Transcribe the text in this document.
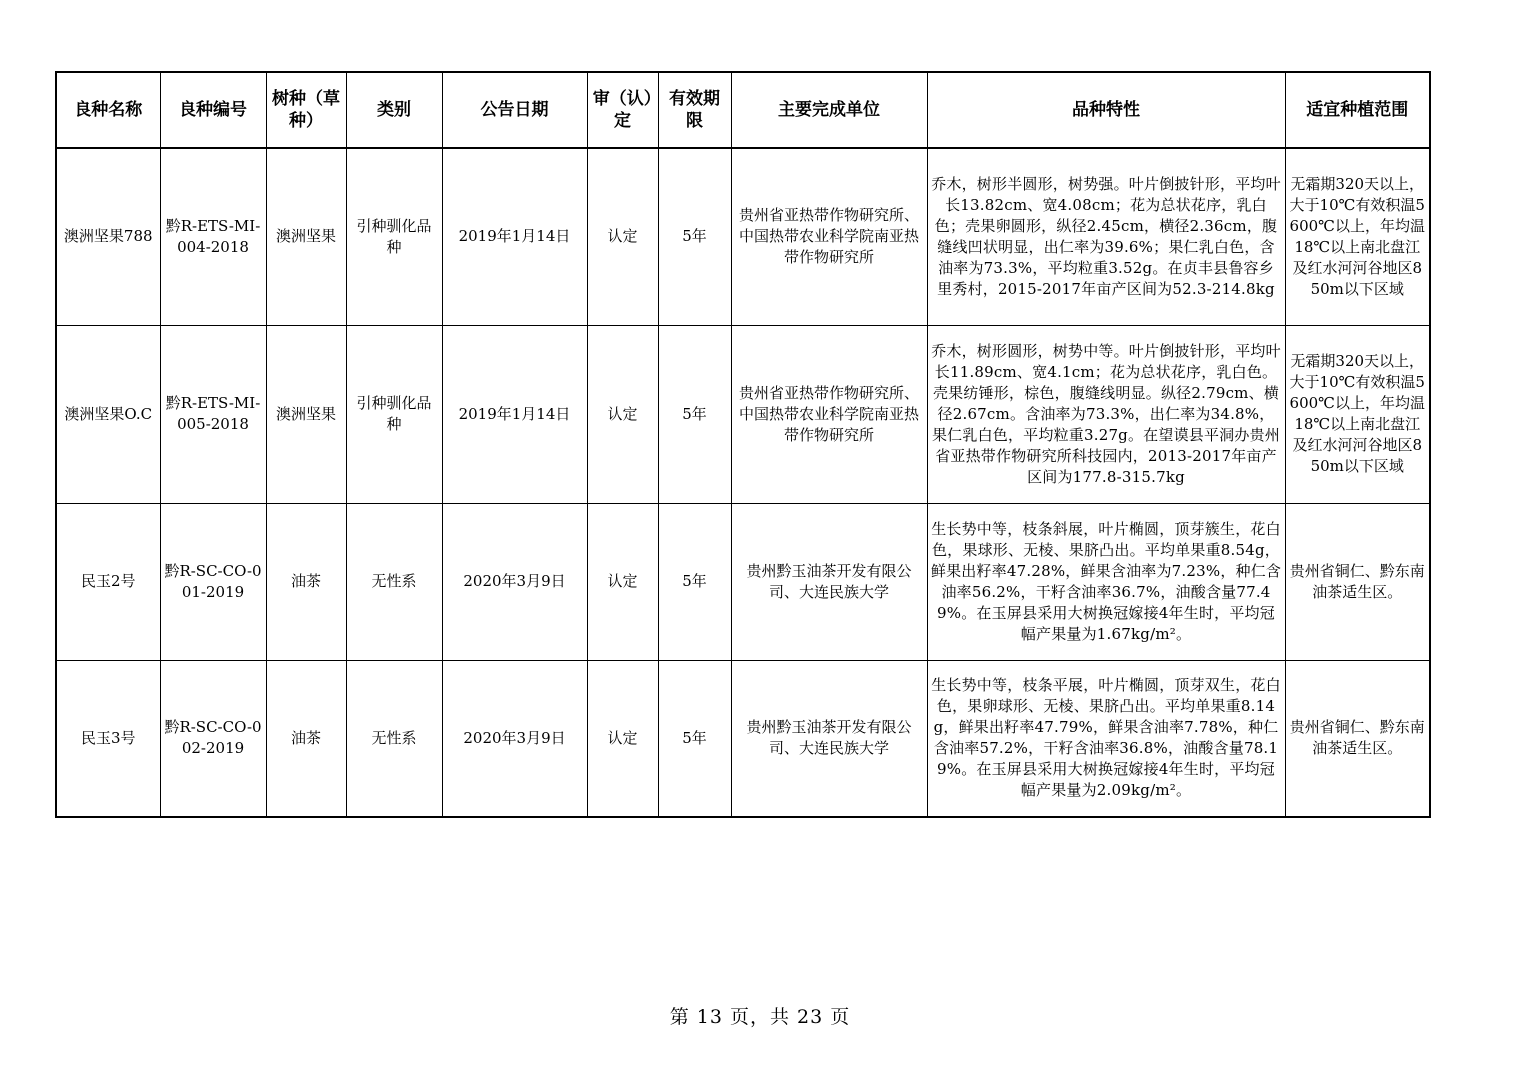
良种名称	良种编号	树种（草种）	类别	公告日期	审（认）定	有效期限	主要完成单位	品种特性	适宜种植范围
澳洲坚果788	黔R-ETS-MI-004-2018	澳洲坚果	引种驯化品种	2019年1月14日	认定	5年	贵州省亚热带作物研究所、中国热带农业科学院南亚热带作物研究所	乔木，树形半圆形，树势强。叶片倒披针形，平均叶长13.82cm、宽4.08cm；花为总状花序，乳白色；壳果卵圆形，纵径2.45cm，横径2.36cm，腹缝线凹状明显，出仁率为39.6%；果仁乳白色，含油率为73.3%，平均粒重3.52g。在贞丰县鲁容乡里秀村，2015-2017年亩产区间为52.3-214.8kg	无霜期320天以上，大于10℃有效积温5600℃以上，年均温18℃以上南北盘江及红水河河谷地区850m以下区域
澳洲坚果O.C	黔R-ETS-MI-005-2018	澳洲坚果	引种驯化品种	2019年1月14日	认定	5年	贵州省亚热带作物研究所、中国热带农业科学院南亚热带作物研究所	乔木，树形圆形，树势中等。叶片倒披针形，平均叶长11.89cm、宽4.1cm；花为总状花序，乳白色。壳果纺锤形，棕色，腹缝线明显。纵径2.79cm、横径2.67cm。含油率为73.3%，出仁率为34.8%，果仁乳白色，平均粒重3.27g。在望谟县平洞办贵州省亚热带作物研究所科技园内，2013-2017年亩产区间为177.8-315.7kg	无霜期320天以上，大于10℃有效积温5600℃以上，年均温18℃以上南北盘江及红水河河谷地区850m以下区域
民玉2号	黔R-SC-CO-001-2019	油茶	无性系	2020年3月9日	认定	5年	贵州黔玉油茶开发有限公司、大连民族大学	生长势中等，枝条斜展，叶片椭圆，顶芽簇生，花白色，果球形、无棱、果脐凸出。平均单果重8.54g，鲜果出籽率47.28%，鲜果含油率为7.23%，种仁含油率56.2%，干籽含油率36.7%，油酸含量77.49%。在玉屏县采用大树换冠嫁接4年生时，平均冠幅产果量为1.67kg/m²。	贵州省铜仁、黔东南油茶适生区。
民玉3号	黔R-SC-CO-002-2019	油茶	无性系	2020年3月9日	认定	5年	贵州黔玉油茶开发有限公司、大连民族大学	生长势中等，枝条平展，叶片椭圆，顶芽双生，花白色，果卵球形、无棱、果脐凸出。平均单果重8.14g，鲜果出籽率47.79%，鲜果含油率7.78%，种仁含油率57.2%，干籽含油率36.8%，油酸含量78.19%。在玉屏县采用大树换冠嫁接4年生时，平均冠幅产果量为2.09kg/m²。	贵州省铜仁、黔东南油茶适生区。
第 13 页，共 23 页
